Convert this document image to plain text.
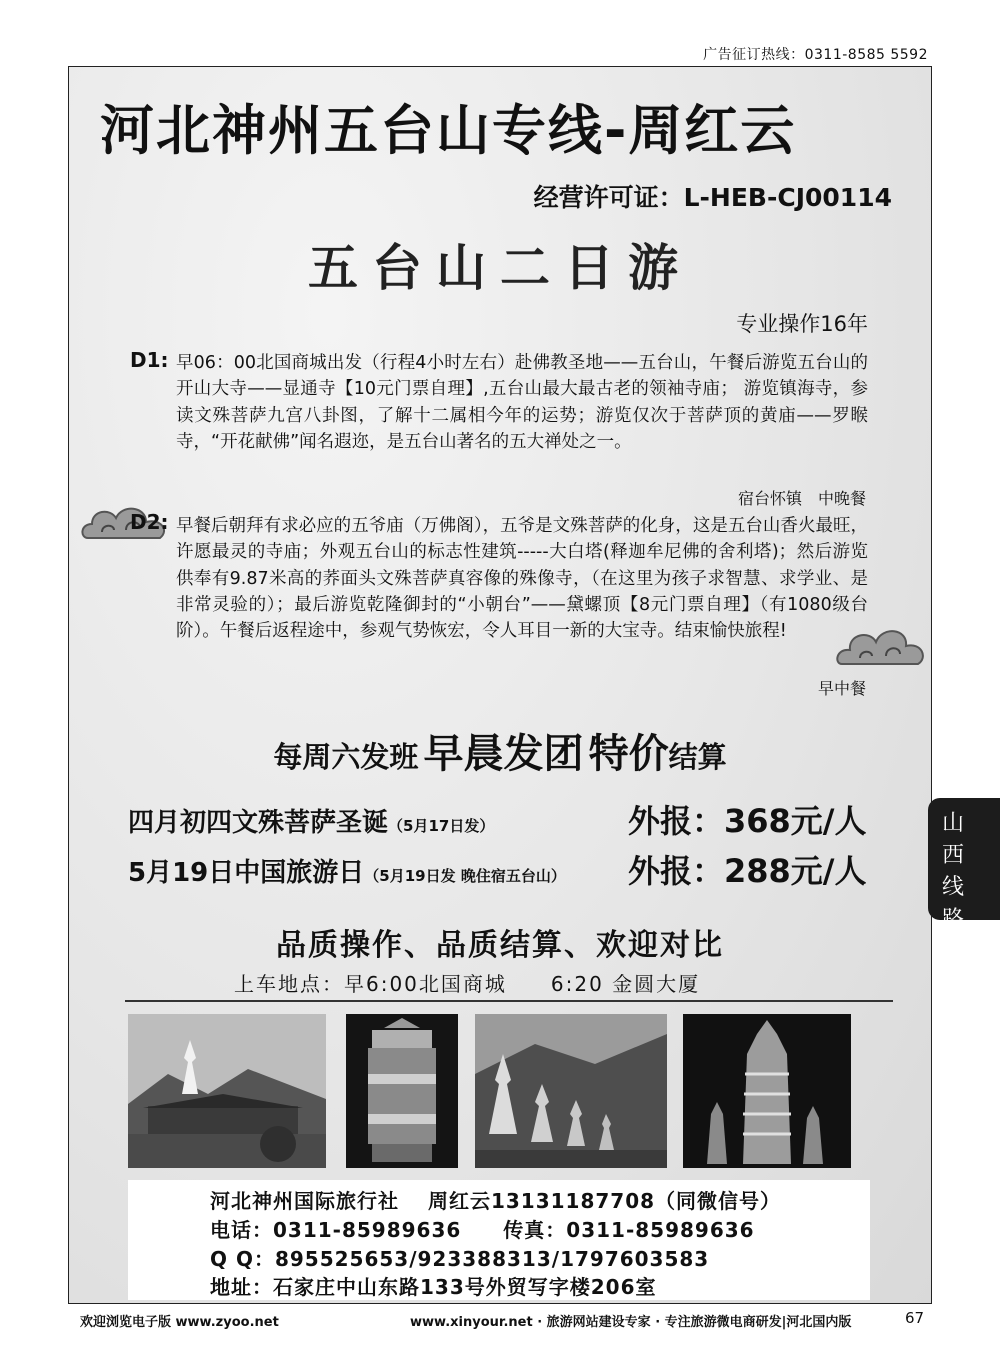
广告征订热线：0311-8585 5592
河北神州五台山专线-周红云
经营许可证：L-HEB-CJ00114
五台山二日游
专业操作16年
D1: 早06：00北国商城出发（行程4小时左右）赴佛教圣地——五台山，午餐后游览五台山的开山大寺——显通寺【10元门票自理】,五台山最大最古老的领袖寺庙； 游览镇海寺，参读文殊菩萨九宫八卦图，了解十二属相今年的运势；游览仅次于菩萨顶的黄庙——罗睺寺，“开花献佛”闻名遐迩，是五台山著名的五大禅处之一。
宿台怀镇　中晚餐
D2: 早餐后朝拜有求必应的五爷庙（万佛阁），五爷是文殊菩萨的化身，这是五台山香火最旺，许愿最灵的寺庙；外观五台山的标志性建筑-----大白塔(释迦牟尼佛的舍利塔)；然后游览供奉有9.87米高的荞面头文殊菩萨真容像的殊像寺，（在这里为孩子求智慧、求学业、是非常灵验的）；最后游览乾隆御封的“小朝台”——黛螺顶【8元门票自理】（有1080级台阶）。午餐后返程途中，参观气势恢宏，令人耳目一新的大宝寺。结束愉快旅程!
早中餐
每周六发班 早晨发团 特价结算
四月初四文殊菩萨圣诞（5月17日发）	外报：368元/人
5月19日中国旅游日（5月19日发 晚住宿五台山） 外报：288元/人
品质操作、品质结算、欢迎对比
上车地点：早6:00北国商城　　6:20 金圆大厦
河北神州国际旅行社　 周红云13131187708（同微信号）
电话：0311-85989636　　传真：0311-85989636
Q Q：895525653/923388313/1797603583
地址：石家庄中山东路133号外贸写字楼206室
山西线路
欢迎浏览电子版 www.zyoo.net	www.xinyour.net · 旅游网站建设专家 · 专注旅游微电商研发|河北国内版	67
